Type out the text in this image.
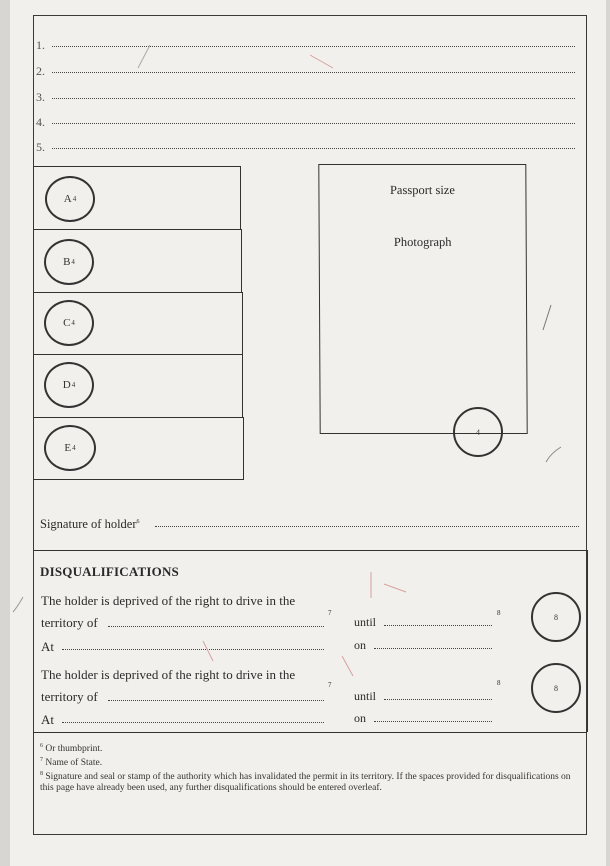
1.
2.
3.
4.
5.
A 4
B 4
C 4
D 4
E 4
Passport size
Photograph
4
Signature of holder$^6$
DISQUALIFICATIONS
The holder is deprived of the right to drive in the
territory of
7
until
8
At	on
8
The holder is deprived of the right to drive in the
territory of
7
until
8
At	on
8
$^6$ Or thumbprint.
$^7$ Name of State.
$^8$ Signature and seal or stamp of the authority which has invalidated the permit in its territory. If the spaces provided for disqualifications on this page have already been used, any further disqualifications should be entered overleaf.
